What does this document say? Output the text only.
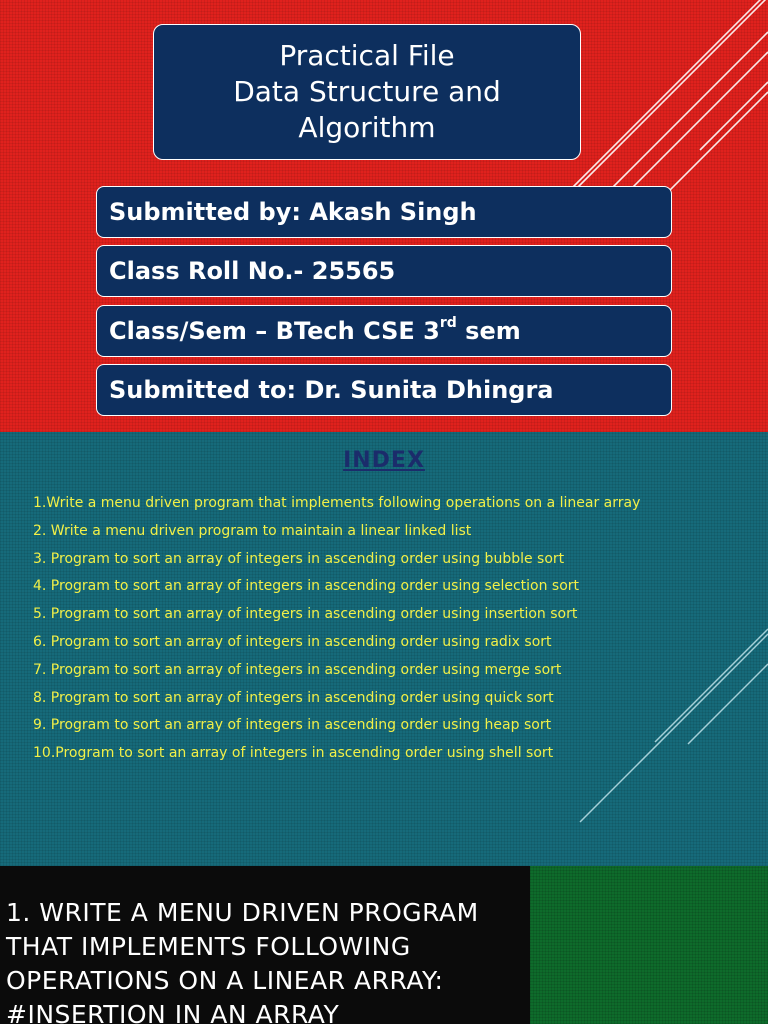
Practical File
Data Structure and
Algorithm
Submitted by: Akash Singh
Class Roll No.- 25565
Class/Sem – BTech CSE 3rd sem
Submitted to: Dr. Sunita Dhingra
INDEX
1.Write a menu driven program that implements following operations on a linear array
2. Write a menu driven program to maintain a linear linked list
3. Program to sort an array of integers in ascending order using bubble sort
4. Program to sort an array of integers in ascending order using selection sort
5. Program to sort an array of integers in ascending order using insertion sort
6. Program to sort an array of integers in ascending order using radix sort
7. Program to sort an array of integers in ascending order using merge sort
8. Program to sort an array of integers in ascending order using quick sort
9. Program to sort an array of integers in ascending order using heap sort
10.Program to sort an array of integers in ascending order using shell sort
1. WRITE A MENU DRIVEN PROGRAM
THAT IMPLEMENTS FOLLOWING
OPERATIONS ON A LINEAR ARRAY:
#INSERTION IN AN ARRAY
